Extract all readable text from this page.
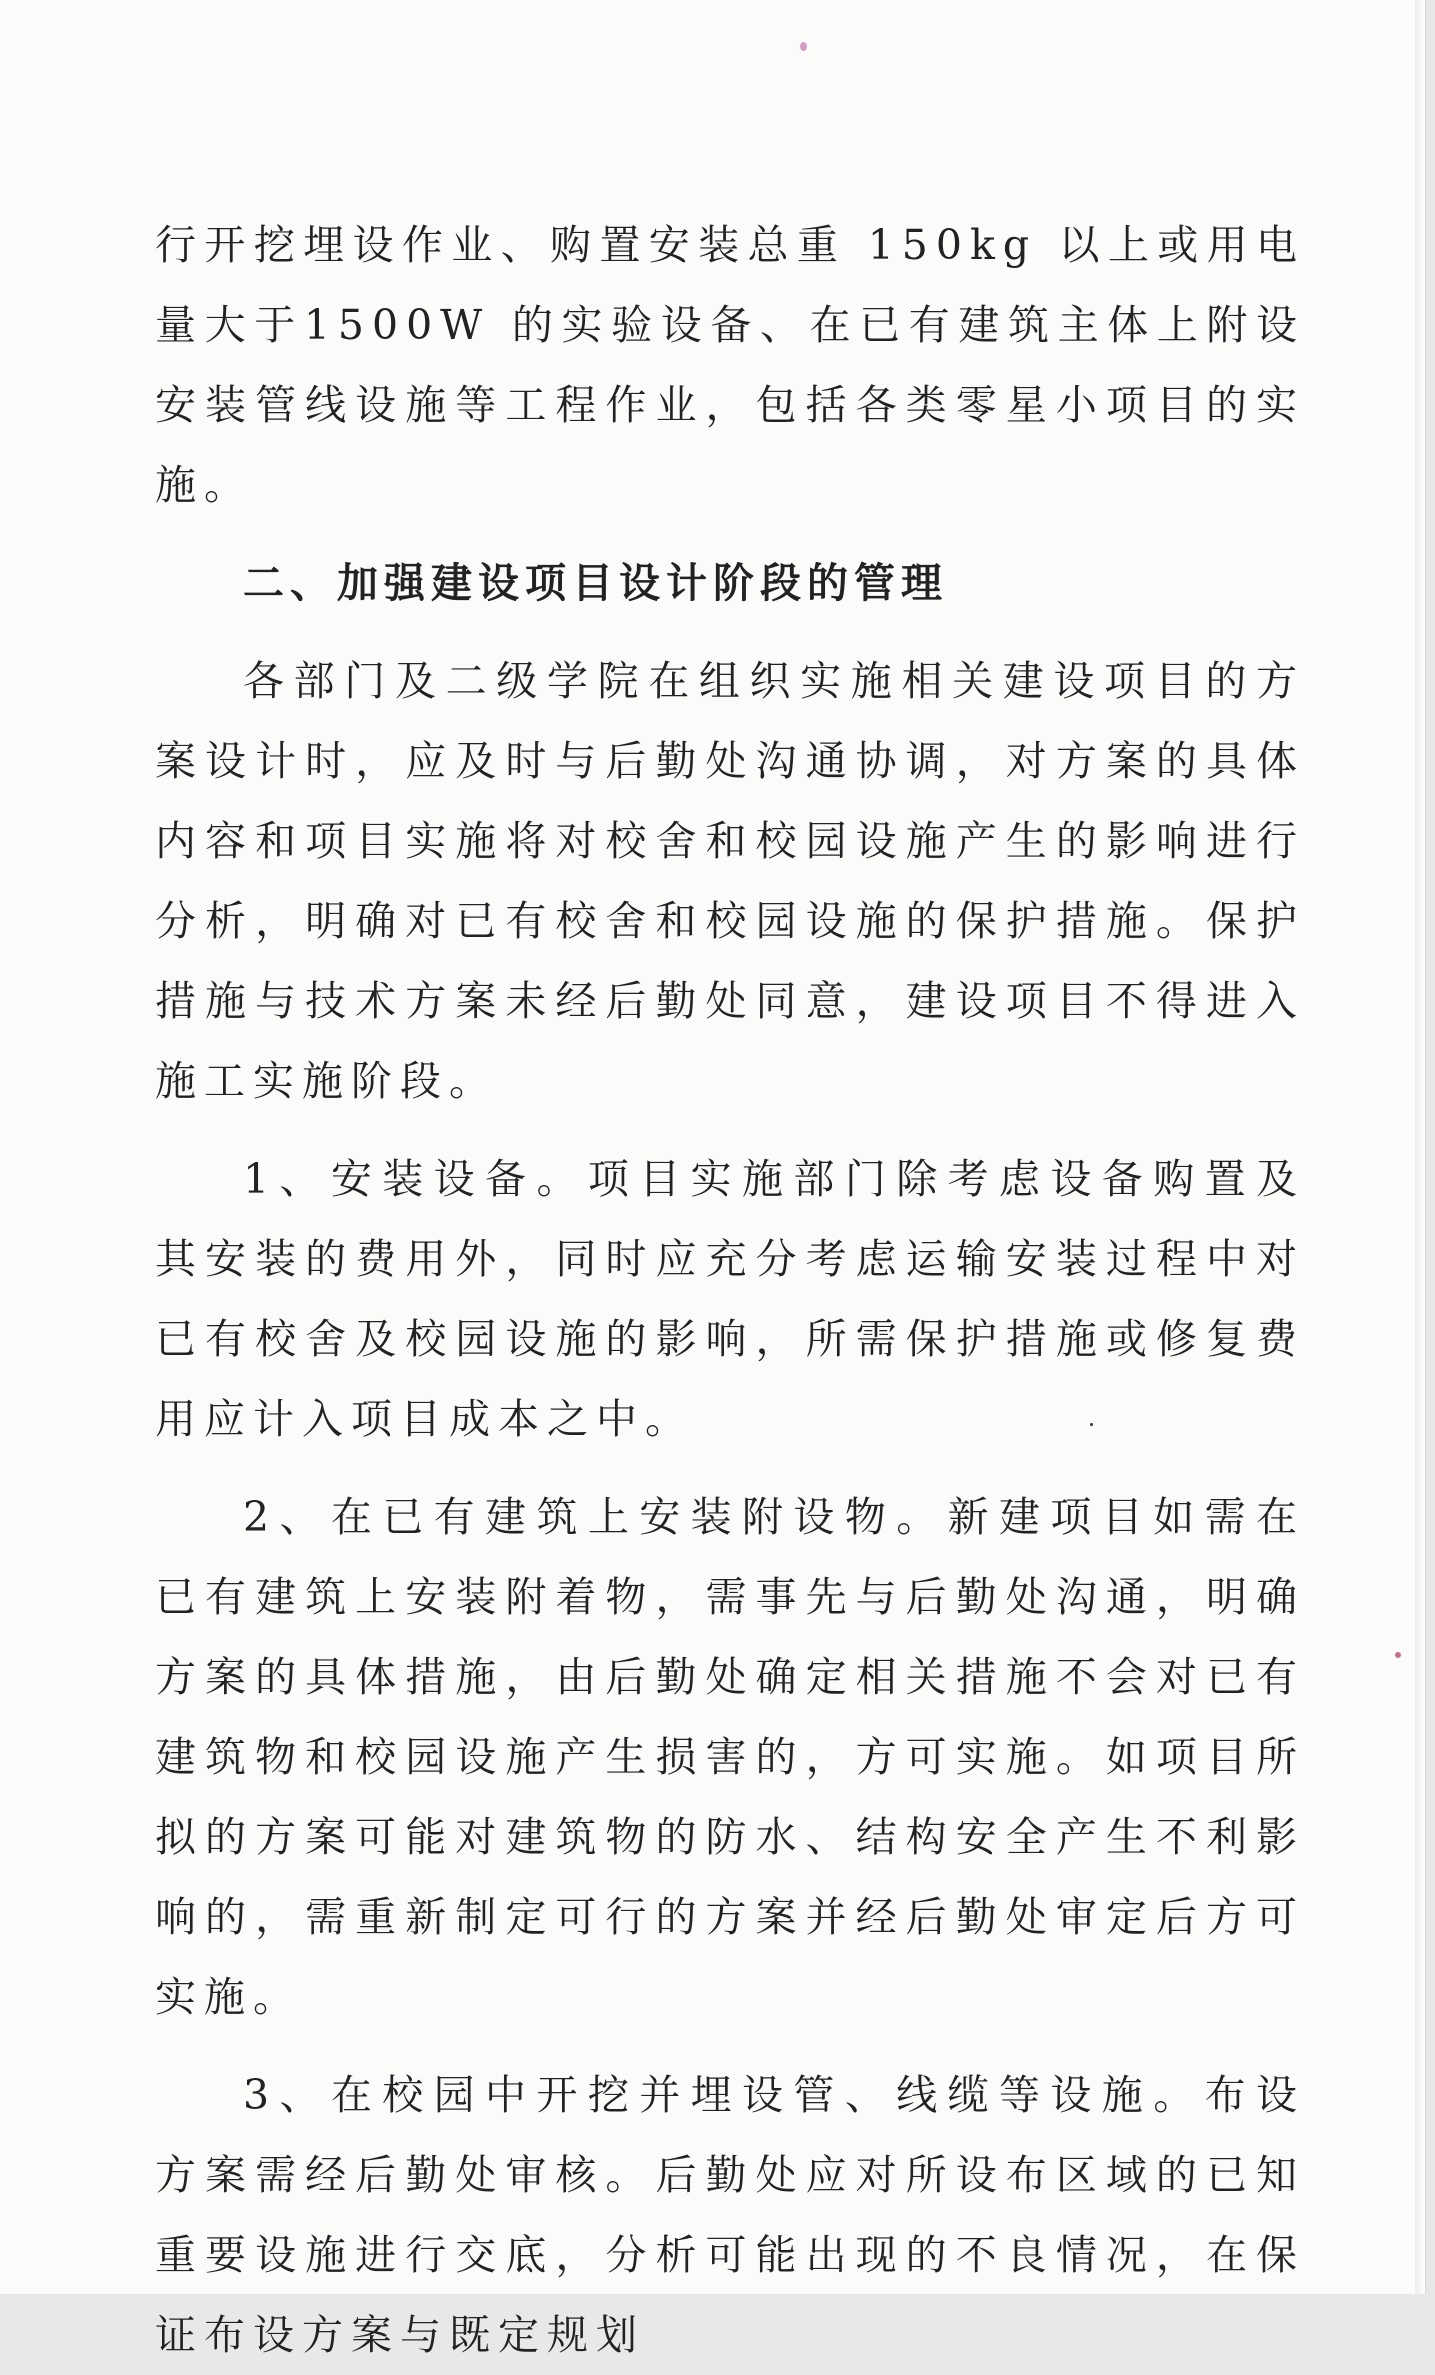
行开挖埋设作业、购置安装总重 150kg 以上或用电量大于1500W 的实验设备、在已有建筑主体上附设安装管线设施等工程作业，包括各类零星小项目的实施。

二、加强建设项目设计阶段的管理

各部门及二级学院在组织实施相关建设项目的方案设计时，应及时与后勤处沟通协调，对方案的具体内容和项目实施将对校舍和校园设施产生的影响进行分析，明确对已有校舍和校园设施的保护措施。保护措施与技术方案未经后勤处同意，建设项目不得进入施工实施阶段。

1、安装设备。项目实施部门除考虑设备购置及其安装的费用外，同时应充分考虑运输安装过程中对已有校舍及校园设施的影响，所需保护措施或修复费用应计入项目成本之中。

2、在已有建筑上安装附设物。新建项目如需在已有建筑上安装附着物，需事先与后勤处沟通，明确方案的具体措施，由后勤处确定相关措施不会对已有建筑物和校园设施产生损害的，方可实施。如项目所拟的方案可能对建筑物的防水、结构安全产生不利影响的，需重新制定可行的方案并经后勤处审定后方可实施。

3、在校园中开挖并埋设管、线缆等设施。布设方案需经后勤处审核。后勤处应对所设布区域的已知重要设施进行交底，分析可能出现的不良情况，在保证布设方案与既定规划
